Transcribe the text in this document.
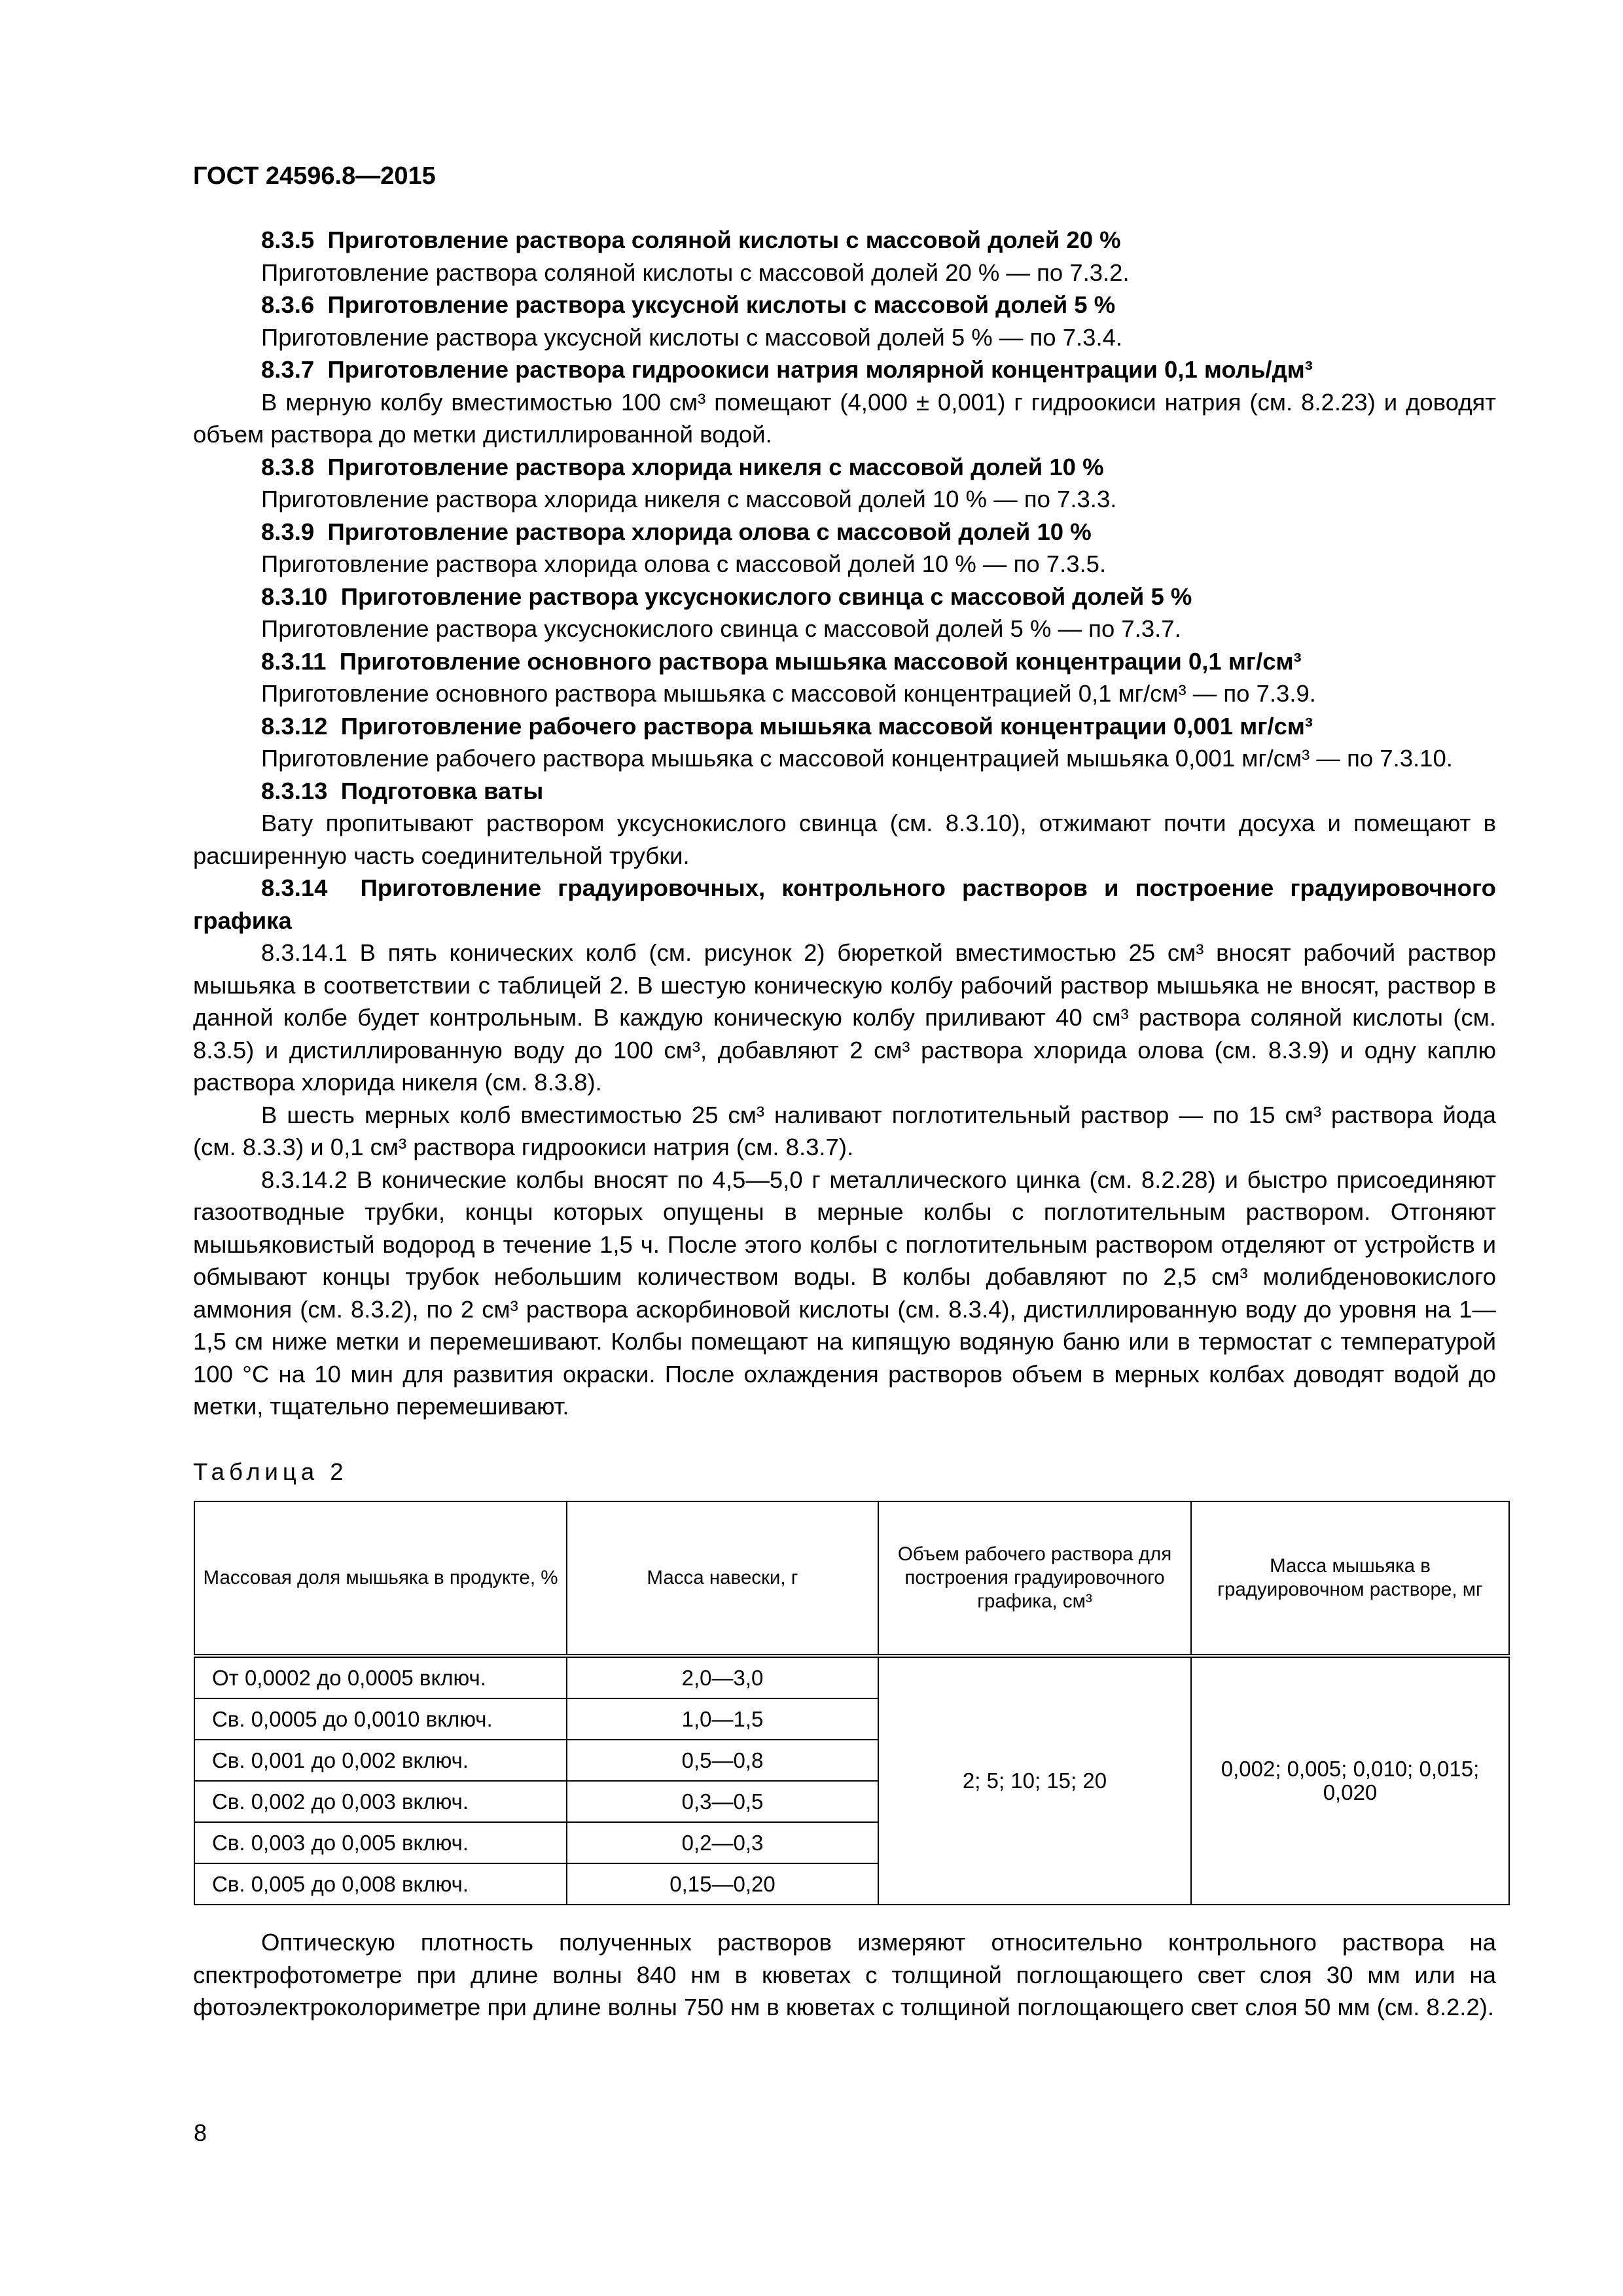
ГОСТ 24596.8—2015

8.3.5 Приготовление раствора соляной кислоты с массовой долей 20 %

Приготовление раствора соляной кислоты с массовой долей 20 % — по 7.3.2.

8.3.6 Приготовление раствора уксусной кислоты с массовой долей 5 %

Приготовление раствора уксусной кислоты с массовой долей 5 % — по 7.3.4.

8.3.7 Приготовление раствора гидроокиси натрия молярной концентрации 0,1 моль/дм³

В мерную колбу вместимостью 100 см³ помещают (4,000 ± 0,001) г гидроокиси натрия (см. 8.2.23) и доводят объем раствора до метки дистиллированной водой.

8.3.8 Приготовление раствора хлорида никеля с массовой долей 10 %

Приготовление раствора хлорида никеля с массовой долей 10 % — по 7.3.3.

8.3.9 Приготовление раствора хлорида олова с массовой долей 10 %

Приготовление раствора хлорида олова с массовой долей 10 % — по 7.3.5.

8.3.10 Приготовление раствора уксуснокислого свинца с массовой долей 5 %

Приготовление раствора уксуснокислого свинца с массовой долей 5 % — по 7.3.7.

8.3.11 Приготовление основного раствора мышьяка массовой концентрации 0,1 мг/см³

Приготовление основного раствора мышьяка с массовой концентрацией 0,1 мг/см³ — по 7.3.9.

8.3.12 Приготовление рабочего раствора мышьяка массовой концентрации 0,001 мг/см³

Приготовление рабочего раствора мышьяка с массовой концентрацией мышьяка 0,001 мг/см³ — по 7.3.10.

8.3.13 Подготовка ваты

Вату пропитывают раствором уксуснокислого свинца (см. 8.3.10), отжимают почти досуха и помещают в расширенную часть соединительной трубки.

8.3.14 Приготовление градуировочных, контрольного растворов и построение градуировочного графика

8.3.14.1 В пять конических колб (см. рисунок 2) бюреткой вместимостью 25 см³ вносят рабочий раствор мышьяка в соответствии с таблицей 2. В шестую коническую колбу рабочий раствор мышьяка не вносят, раствор в данной колбе будет контрольным. В каждую коническую колбу приливают 40 см³ раствора соляной кислоты (см. 8.3.5) и дистиллированную воду до 100 см³, добавляют 2 см³ раствора хлорида олова (см. 8.3.9) и одну каплю раствора хлорида никеля (см. 8.3.8).

В шесть мерных колб вместимостью 25 см³ наливают поглотительный раствор — по 15 см³ раствора йода (см. 8.3.3) и 0,1 см³ раствора гидроокиси натрия (см. 8.3.7).

8.3.14.2 В конические колбы вносят по 4,5—5,0 г металлического цинка (см. 8.2.28) и быстро присоединяют газоотводные трубки, концы которых опущены в мерные колбы с поглотительным раствором. Отгоняют мышьяковистый водород в течение 1,5 ч. После этого колбы с поглотительным раствором отделяют от устройств и обмывают концы трубок небольшим количеством воды. В колбы добавляют по 2,5 см³ молибденовокислого аммония (см. 8.3.2), по 2 см³ раствора аскорбиновой кислоты (см. 8.3.4), дистиллированную воду до уровня на 1—1,5 см ниже метки и перемешивают. Колбы помещают на кипящую водяную баню или в термостат с температурой 100 °С на 10 мин для развития окраски. После охлаждения растворов объем в мерных колбах доводят водой до метки, тщательно перемешивают.

Таблица 2

Массовая доля мышьяка в продукте, %	Масса навески, г	Объем рабочего раствора для построения градуировочного графика, см³	Масса мышьяка в градуировочном растворе, мг
От 0,0002 до 0,0005 включ.	2,0—3,0	2; 5; 10; 15; 20	0,002; 0,005; 0,010; 0,015; 0,020
Св. 0,0005 до 0,0010 включ.	1,0—1,5		
Св. 0,001 до 0,002 включ.	0,5—0,8		
Св. 0,002 до 0,003 включ.	0,3—0,5		
Св. 0,003 до 0,005 включ.	0,2—0,3		
Св. 0,005 до 0,008 включ.	0,15—0,20		

Оптическую плотность полученных растворов измеряют относительно контрольного раствора на спектрофотометре при длине волны 840 нм в кюветах с толщиной поглощающего свет слоя 30 мм или на фотоэлектроколориметре при длине волны 750 нм в кюветах с толщиной поглощающего свет слоя 50 мм (см. 8.2.2).

8
